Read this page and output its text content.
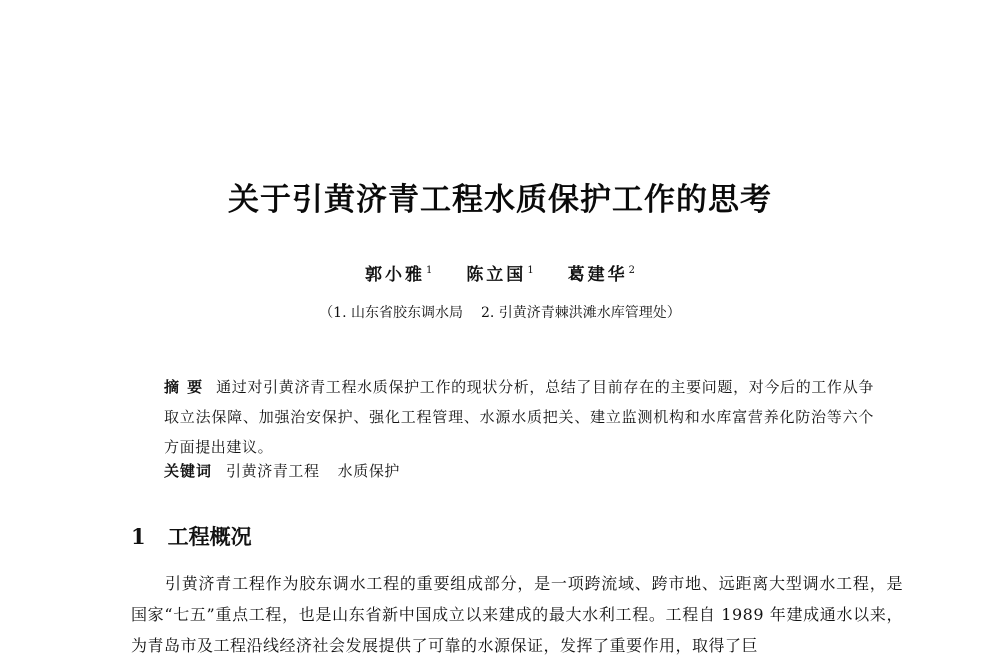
关于引黄济青工程水质保护工作的思考
郭小雅$^1$ 陈立国$^1$ 葛建华$^2$
（1. 山东省胶东调水局 2. 引黄济青棘洪滩水库管理处）
摘要 通过对引黄济青工程水质保护工作的现状分析，总结了目前存在的主要问题，对今后的工作从争取立法保障、加强治安保护、强化工程管理、水源水质把关、建立监测机构和水库富营养化防治等六个方面提出建议。
关键词 引黄济青工程 水质保护
1 工程概况
引黄济青工程作为胶东调水工程的重要组成部分，是一项跨流域、跨市地、远距离大型调水工程，是国家“七五”重点工程，也是山东省新中国成立以来建成的最大水利工程。工程自 1989 年建成通水以来，为青岛市及工程沿线经济社会发展提供了可靠的水源保证，发挥了重要作用，取得了巨
